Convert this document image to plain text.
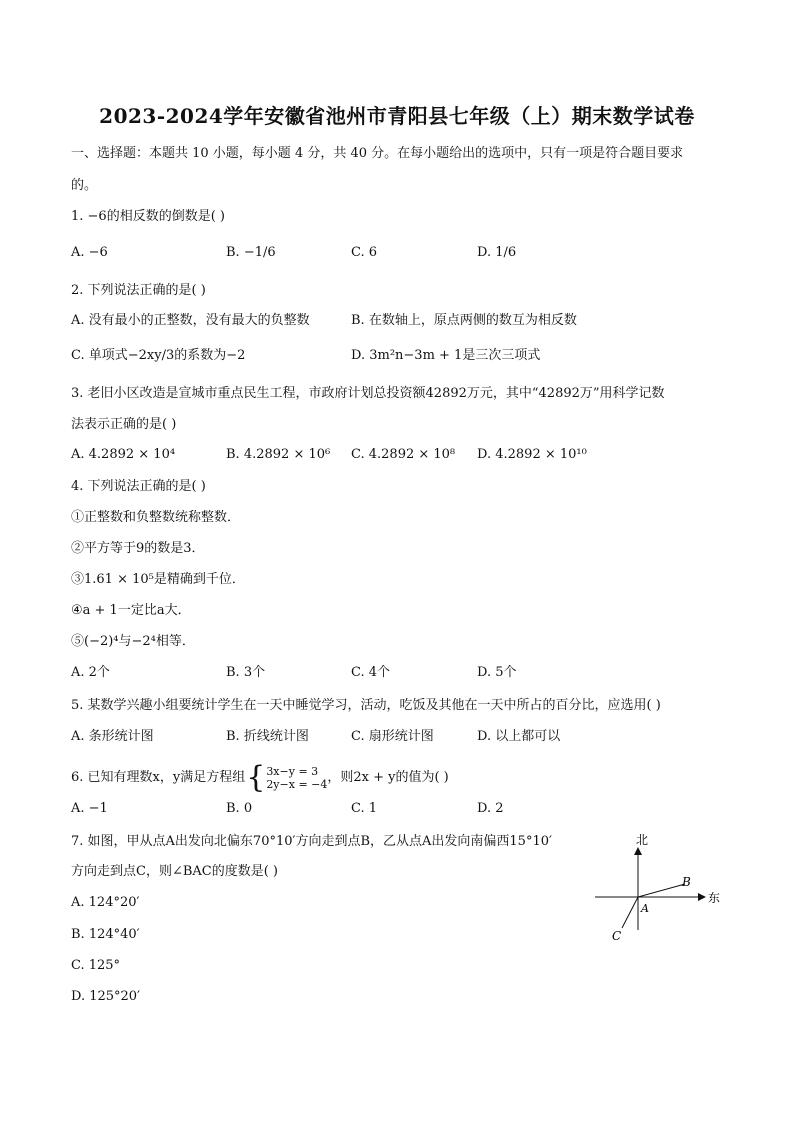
2023-2024学年安徽省池州市青阳县七年级（上）期末数学试卷
一、选择题：本题共 10 小题，每小题 4 分，共 40 分。在每小题给出的选项中，只有一项是符合题目要求
的。
1. −6的相反数的倒数是( )
A. −6	B. −1/6	C. 6	D. 1/6
2. 下列说法正确的是( )
A. 没有最小的正整数，没有最大的负整数	B. 在数轴上，原点两侧的数互为相反数
C. 单项式−2xy/3的系数为−2	D. 3m²n−3m + 1是三次三项式
3. 老旧小区改造是宣城市重点民生工程，市政府计划总投资额42892万元，其中“42892万”用科学记数
法表示正确的是( )
A. 4.2892 × 10⁴	B. 4.2892 × 10⁶ C. 4.2892 × 10⁸ D. 4.2892 × 10¹⁰
4. 下列说法正确的是( )
①正整数和负整数统称整数．
②平方等于9的数是3．
③1.61 × 10⁵是精确到千位．
④a + 1一定比a大．
⑤(−2)⁴与−2⁴相等．
A. 2个	B. 3个	C. 4个	D. 5个
5. 某数学兴趣小组要统计学生在一天中睡觉学习，活动，吃饭及其他在一天中所占的百分比，应选用( )
A. 条形统计图	B. 折线统计图	C. 扇形统计图	D. 以上都可以
6. 已知有理数x，y满足方程组 { 3x−y = 3
2y−x = −4 ，则2x + y的值为( )
A. −1	B. 0	C. 1	D. 2
7. 如图，甲从点A出发向北偏东70°10′方向走到点B，乙从点A出发向南偏西15°10′
方向走到点C，则∠BAC的度数是( )
A. 124°20′
B. 124°40′
C. 125°
D. 125°20′
北
东
A
B
C
